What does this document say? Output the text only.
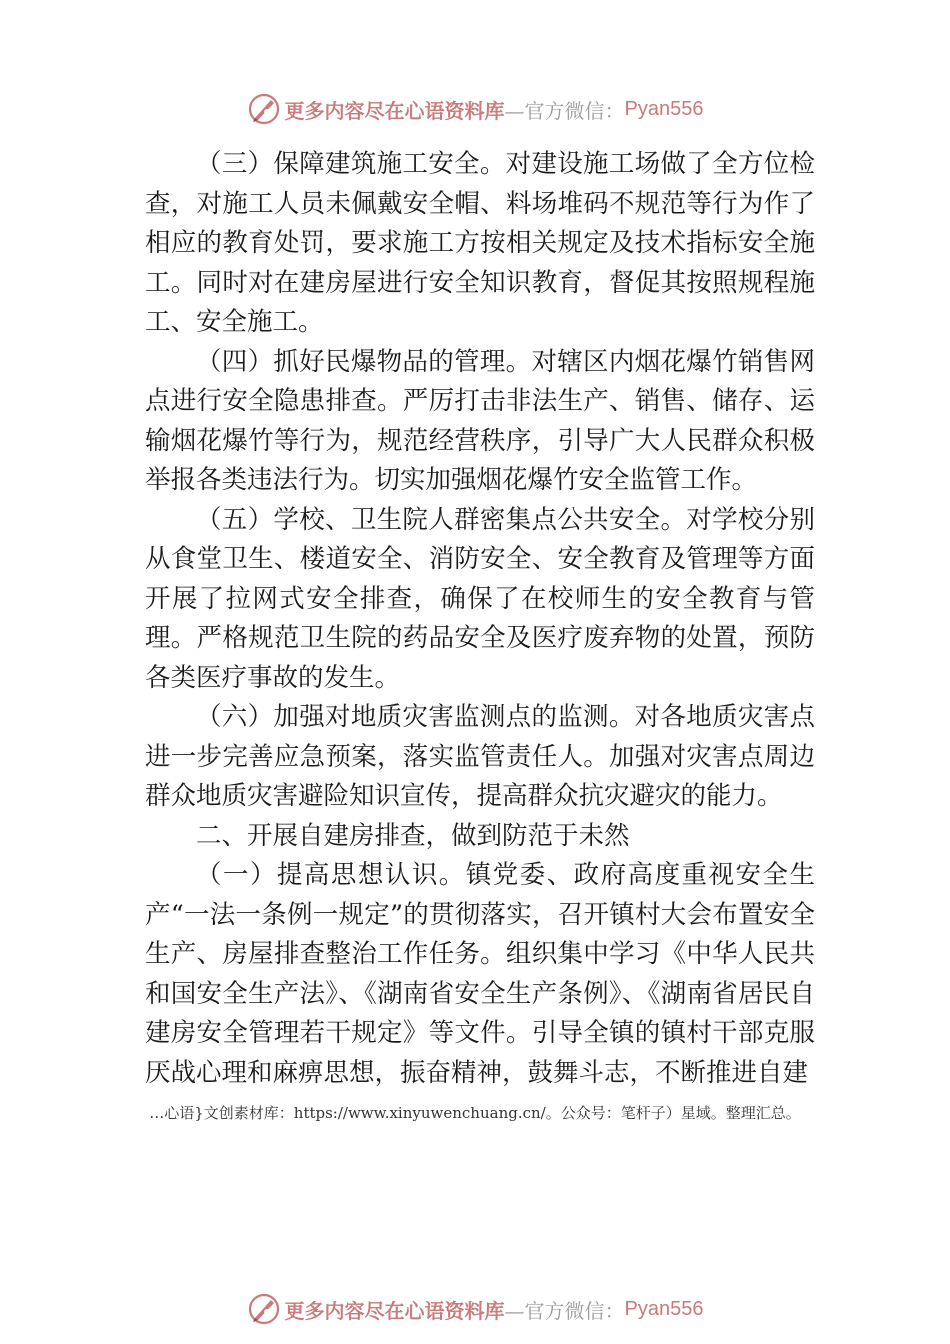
更多内容尽在心语资料库 —官方微信： Pyan556

（三）保障建筑施工安全。对建设施工场做了全方位检查，对施工人员未佩戴安全帽、料场堆码不规范等行为作了相应的教育处罚，要求施工方按相关规定及技术指标安全施工。同时对在建房屋进行安全知识教育，督促其按照规程施工、安全施工。

（四）抓好民爆物品的管理。对辖区内烟花爆竹销售网点进行安全隐患排查。严厉打击非法生产、销售、储存、运输烟花爆竹等行为，规范经营秩序，引导广大人民群众积极举报各类违法行为。切实加强烟花爆竹安全监管工作。

（五）学校、卫生院人群密集点公共安全。对学校分别从食堂卫生、楼道安全、消防安全、安全教育及管理等方面开展了拉网式安全排查，确保了在校师生的安全教育与管理。严格规范卫生院的药品安全及医疗废弃物的处置，预防各类医疗事故的发生。

（六）加强对地质灾害监测点的监测。对各地质灾害点进一步完善应急预案，落实监管责任人。加强对灾害点周边群众地质灾害避险知识宣传，提高群众抗灾避灾的能力。

二、开展自建房排查，做到防范于未然

（一）提高思想认识。镇党委、政府高度重视安全生产“一法一条例一规定”的贯彻落实，召开镇村大会布置安全生产、房屋排查整治工作任务。组织集中学习《中华人民共和国安全生产法》、《湖南省安全生产条例》、《湖南省居民自建房安全管理若干规定》等文件。引导全镇的镇村干部克服厌战心理和麻痹思想，振奋精神，鼓舞斗志，不断推进自建

…心语}文创素材库：https://www.xinyuwenchuang.cn/。公众号：笔杆子）星域。整理汇总。
更多内容尽在心语资料库 —官方微信： Pyan556
